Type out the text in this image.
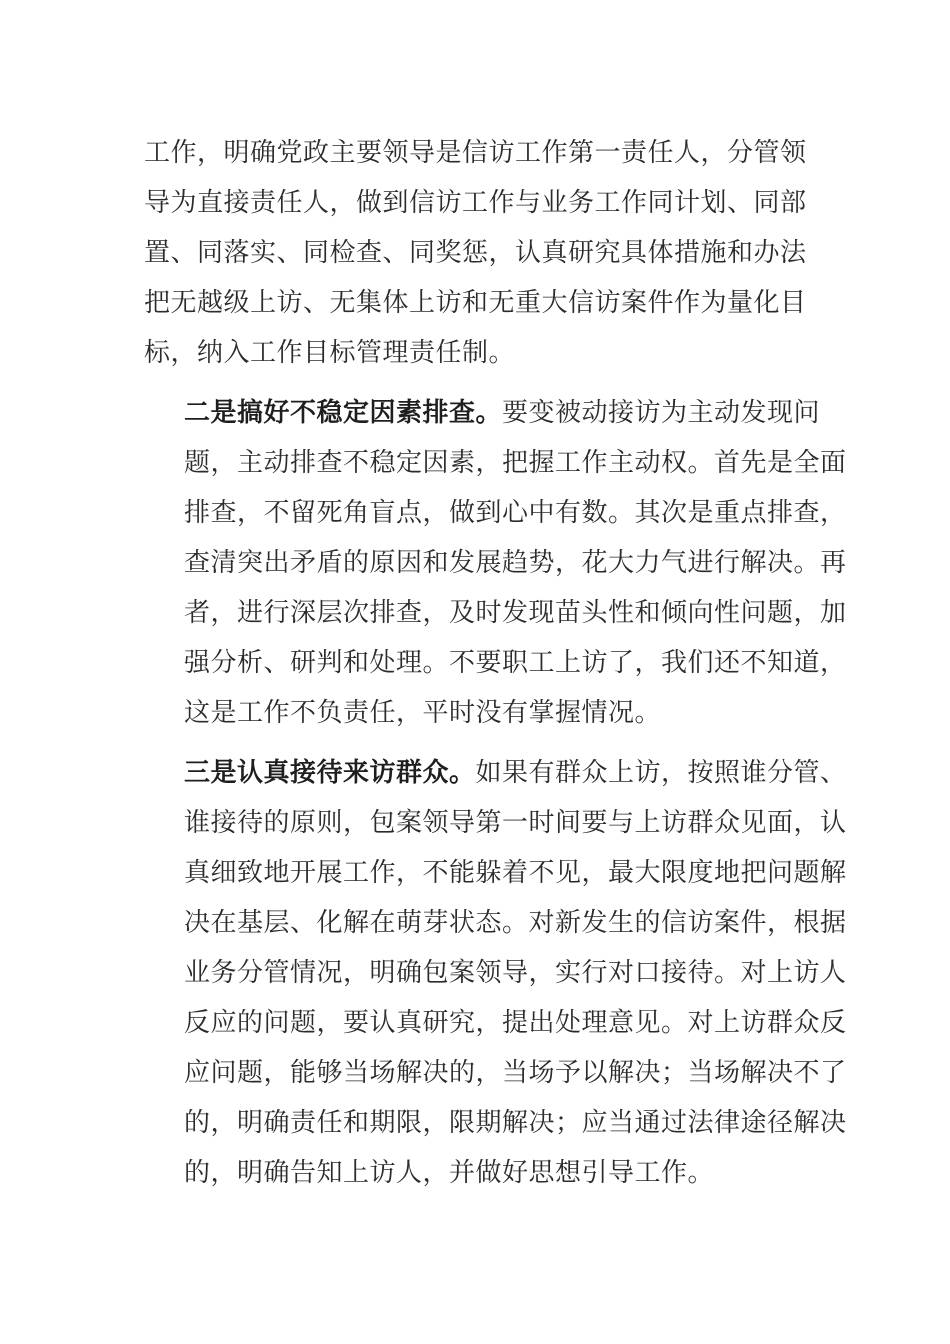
工作，明确党政主要领导是信访工作第一责任人，分管领
导为直接责任人，做到信访工作与业务工作同计划、同部
置、同落实、同检查、同奖惩，认真研究具体措施和办法
把无越级上访、无集体上访和无重大信访案件作为量化目
标，纳入工作目标管理责任制。

二是搞好不稳定因素排查。要变被动接访为主动发现问
题，主动排查不稳定因素，把握工作主动权。首先是全面
排查，不留死角盲点，做到心中有数。其次是重点排查，
查清突出矛盾的原因和发展趋势，花大力气进行解决。再
者，进行深层次排查，及时发现苗头性和倾向性问题，加
强分析、研判和处理。不要职工上访了，我们还不知道，
这是工作不负责任，平时没有掌握情况。

三是认真接待来访群众。如果有群众上访，按照谁分管、
谁接待的原则，包案领导第一时间要与上访群众见面，认
真细致地开展工作，不能躲着不见，最大限度地把问题解
决在基层、化解在萌芽状态。对新发生的信访案件，根据
业务分管情况，明确包案领导，实行对口接待。对上访人
反应的问题，要认真研究，提出处理意见。对上访群众反
应问题，能够当场解决的，当场予以解决；当场解决不了
的，明确责任和期限，限期解决；应当通过法律途径解决
的，明确告知上访人，并做好思想引导工作。
